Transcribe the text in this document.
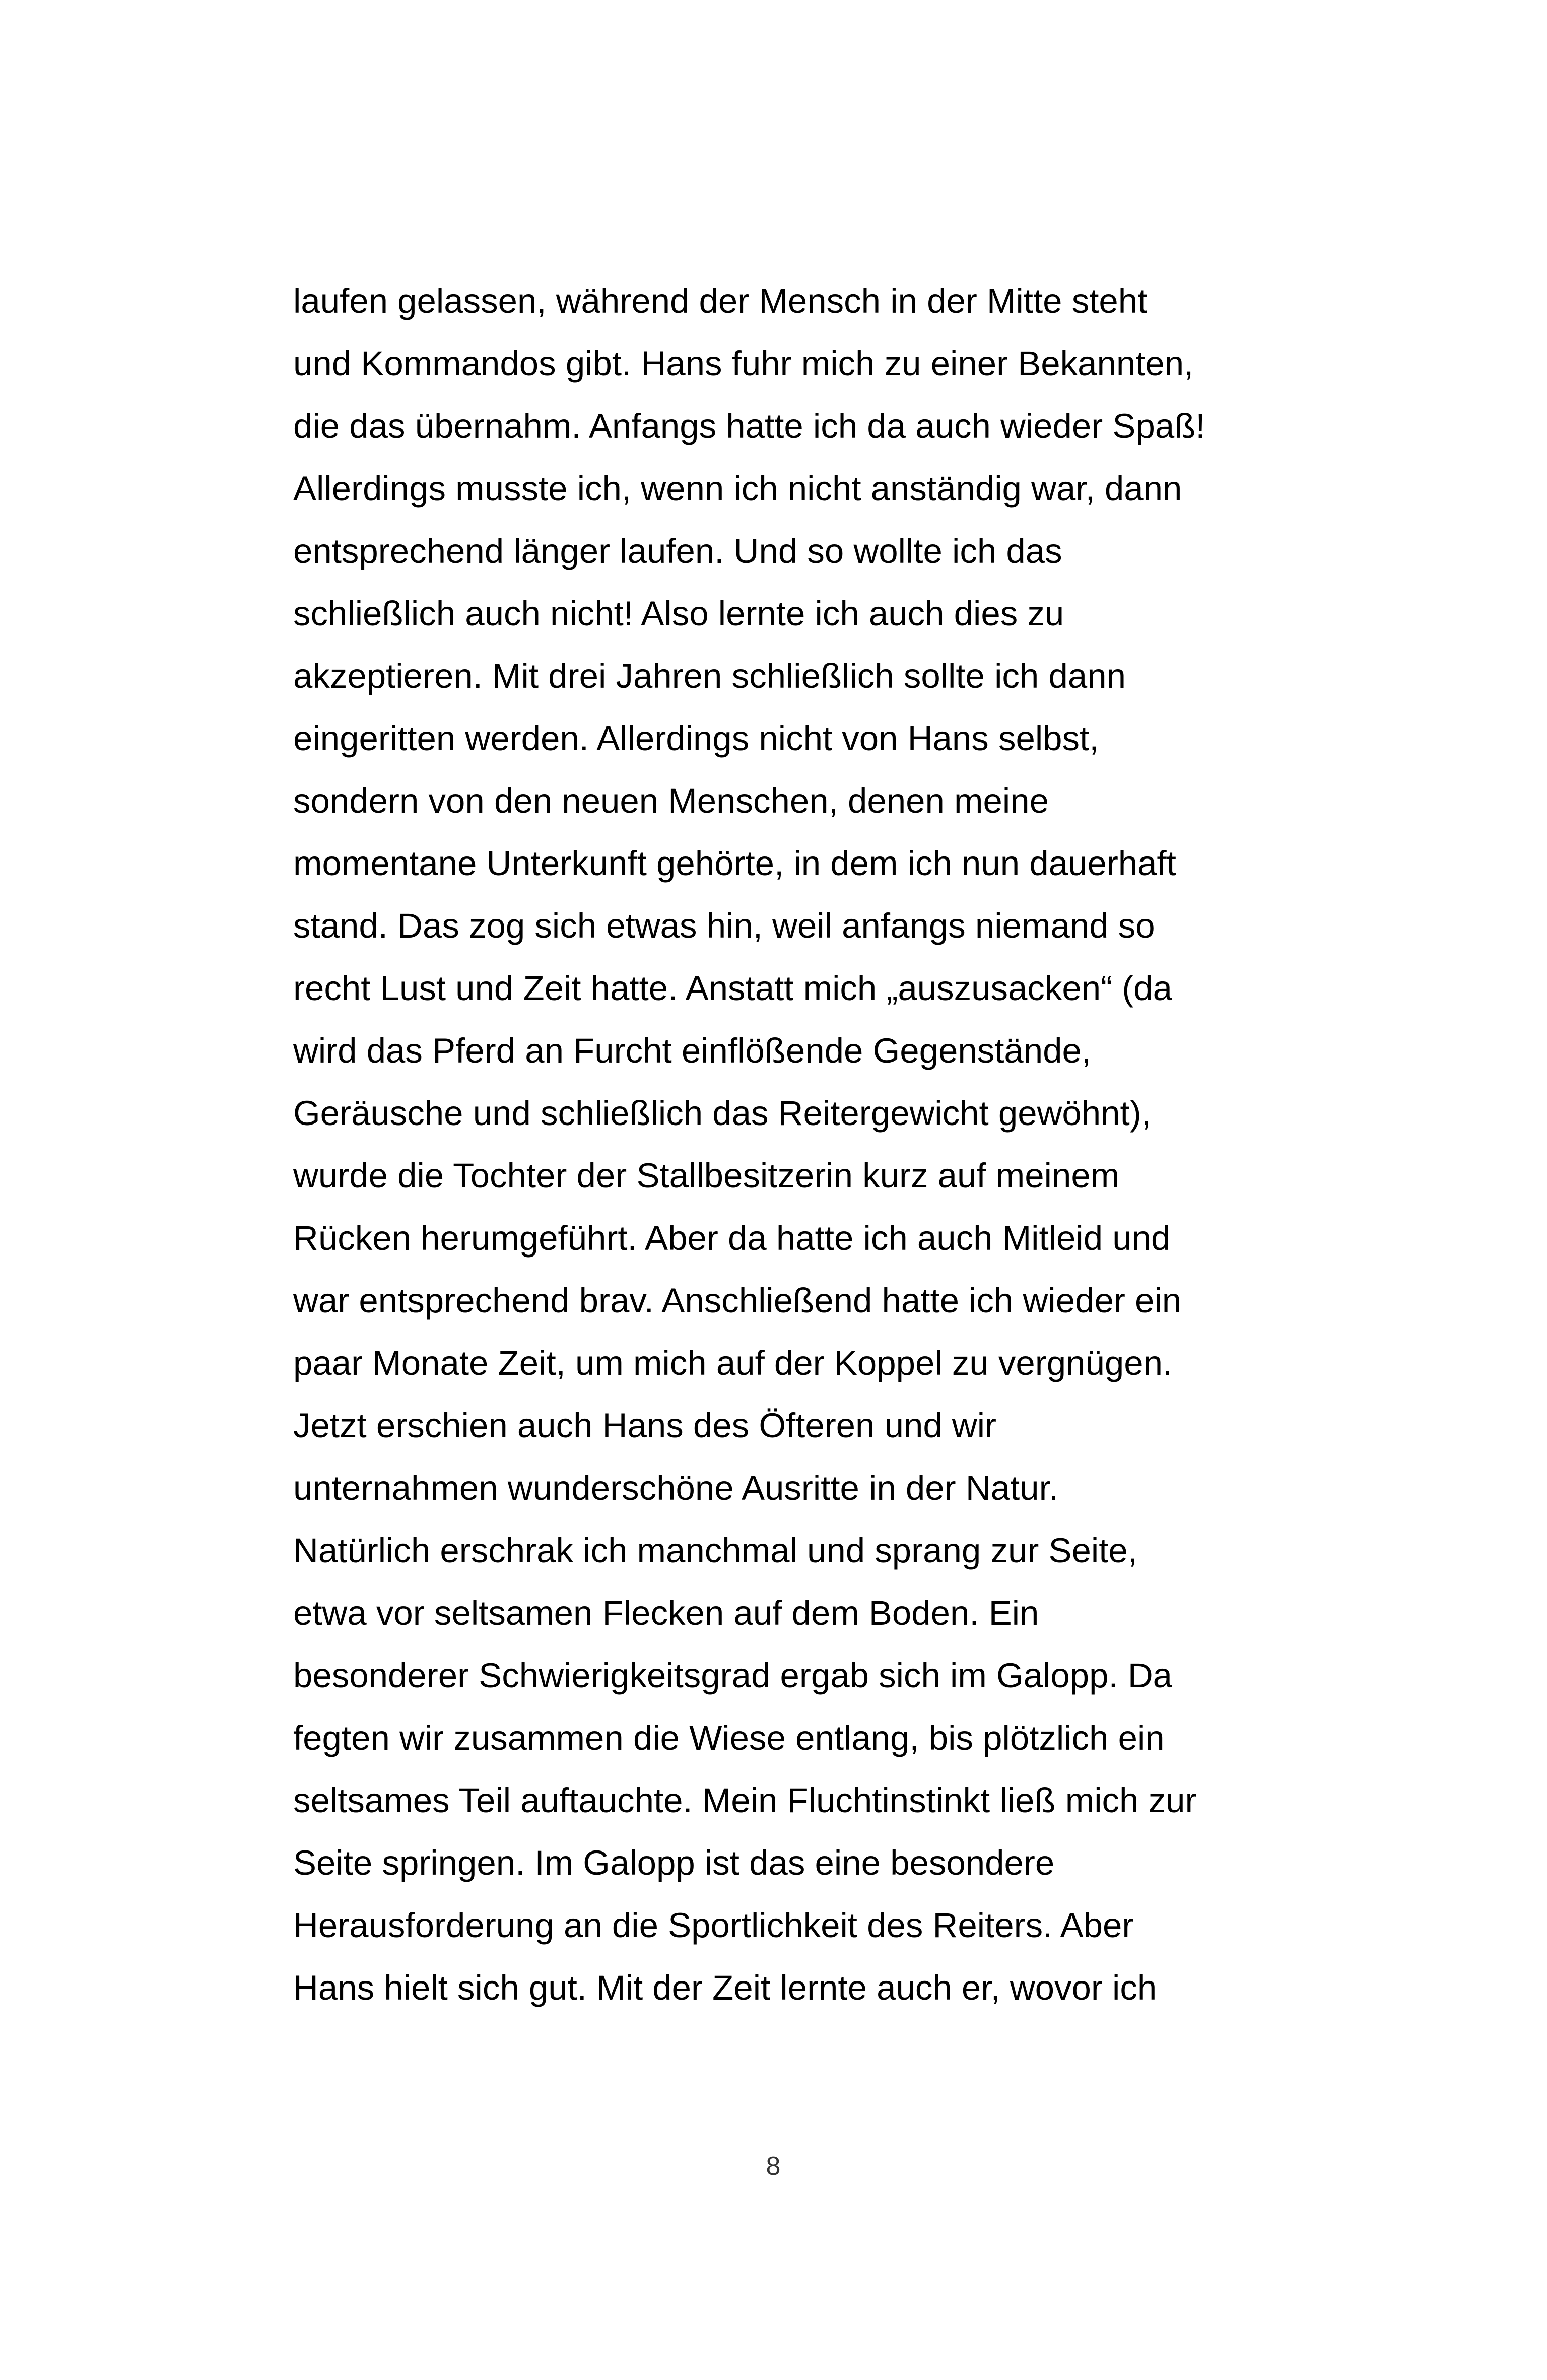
laufen gelassen, während der Mensch in der Mitte steht
und Kommandos gibt. Hans fuhr mich zu einer Bekannten,
die das übernahm. Anfangs hatte ich da auch wieder Spaß!
Allerdings musste ich, wenn ich nicht anständig war, dann
entsprechend länger laufen. Und so wollte ich das
schließlich auch nicht! Also lernte ich auch dies zu
akzeptieren. Mit drei Jahren schließlich sollte ich dann
eingeritten werden. Allerdings nicht von Hans selbst,
sondern von den neuen Menschen, denen meine
momentane Unterkunft gehörte, in dem ich nun dauerhaft
stand. Das zog sich etwas hin, weil anfangs niemand so
recht Lust und Zeit hatte. Anstatt mich „auszusacken“ (da
wird das Pferd an Furcht einflößende Gegenstände,
Geräusche und schließlich das Reitergewicht gewöhnt),
wurde die Tochter der Stallbesitzerin kurz auf meinem
Rücken herumgeführt. Aber da hatte ich auch Mitleid und
war entsprechend brav. Anschließend hatte ich wieder ein
paar Monate Zeit, um mich auf der Koppel zu vergnügen.
Jetzt erschien auch Hans des Öfteren und wir
unternahmen wunderschöne Ausritte in der Natur.
Natürlich erschrak ich manchmal und sprang zur Seite,
etwa vor seltsamen Flecken auf dem Boden. Ein
besonderer Schwierigkeitsgrad ergab sich im Galopp. Da
fegten wir zusammen die Wiese entlang, bis plötzlich ein
seltsames Teil auftauchte. Mein Fluchtinstinkt ließ mich zur
Seite springen. Im Galopp ist das eine besondere
Herausforderung an die Sportlichkeit des Reiters. Aber
Hans hielt sich gut. Mit der Zeit lernte auch er, wovor ich
8
